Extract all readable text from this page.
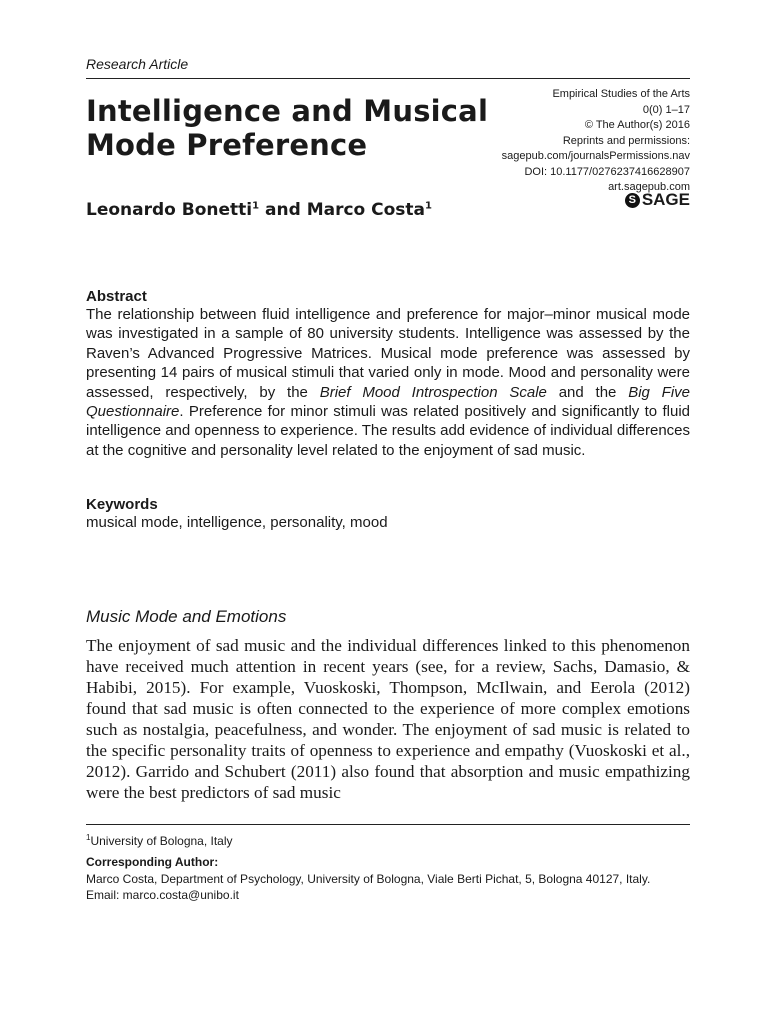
Research Article
Intelligence and Musical
Mode Preference
Empirical Studies of the Arts
0(0) 1–17
© The Author(s) 2016
Reprints and permissions:
sagepub.com/journalsPermissions.nav
DOI: 10.1177/0276237416628907
art.sagepub.com
S SAGE
Leonardo Bonetti$^1$ and Marco Costa$^1$
Abstract
The relationship between fluid intelligence and preference for major–minor musical mode was investigated in a sample of 80 university students. Intelligence was assessed by the Raven’s Advanced Progressive Matrices. Musical mode preference was assessed by presenting 14 pairs of musical stimuli that varied only in mode. Mood and personality were assessed, respectively, by the Brief Mood Introspection Scale and the Big Five Questionnaire. Preference for minor stimuli was related positively and significantly to fluid intelligence and openness to experience. The results add evidence of individual differences at the cognitive and personality level related to the enjoyment of sad music.
Keywords
musical mode, intelligence, personality, mood
Music Mode and Emotions
The enjoyment of sad music and the individual differences linked to this phenomenon have received much attention in recent years (see, for a review, Sachs, Damasio, & Habibi, 2015). For example, Vuoskoski, Thompson, McIlwain, and Eerola (2012) found that sad music is often connected to the experience of more complex emotions such as nostalgia, peacefulness, and wonder. The enjoyment of sad music is related to the specific personality traits of openness to experience and empathy (Vuoskoski et al., 2012). Garrido and Schubert (2011) also found that absorption and music empathizing were the best predictors of sad music
$^1$University of Bologna, Italy
Corresponding Author:
Marco Costa, Department of Psychology, University of Bologna, Viale Berti Pichat, 5, Bologna 40127, Italy.
Email: marco.costa@unibo.it
